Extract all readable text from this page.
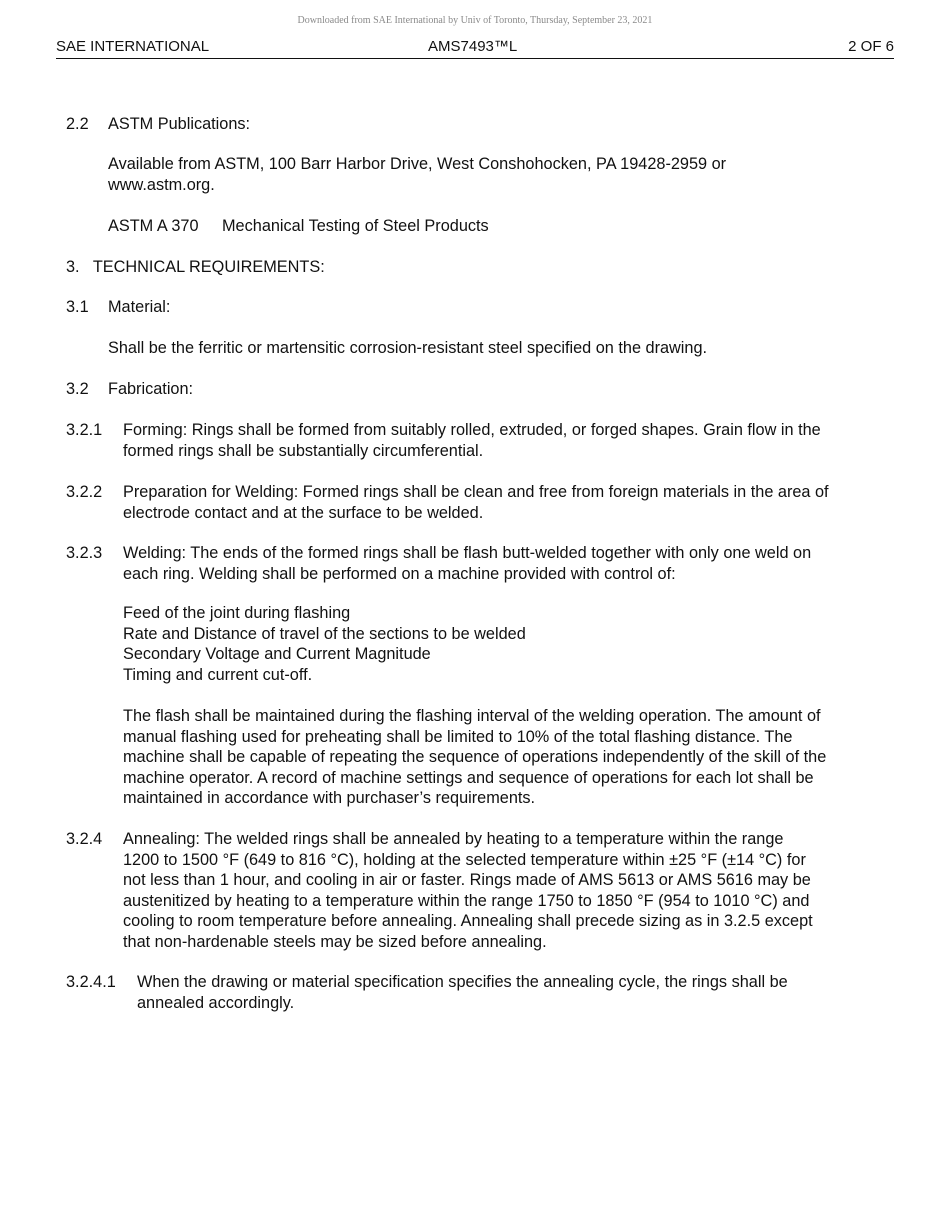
Downloaded from SAE International by Univ of Toronto, Thursday, September 23, 2021
SAE INTERNATIONAL	AMS7493™L	2 OF 6
2.2 ASTM Publications:
Available from ASTM, 100 Barr Harbor Drive, West Conshohocken, PA 19428-2959 or
www.astm.org.
ASTM A 370 Mechanical Testing of Steel Products
3.   TECHNICAL REQUIREMENTS:
3.1 Material:
Shall be the ferritic or martensitic corrosion-resistant steel specified on the drawing.
3.2 Fabrication:
3.2.1 Forming: Rings shall be formed from suitably rolled, extruded, or forged shapes. Grain flow in the
formed rings shall be substantially circumferential.
3.2.2 Preparation for Welding: Formed rings shall be clean and free from foreign materials in the area of
electrode contact and at the surface to be welded.
3.2.3 Welding: The ends of the formed rings shall be flash butt-welded together with only one weld on
each ring. Welding shall be performed on a machine provided with control of:
Feed of the joint during flashing
Rate and Distance of travel of the sections to be welded
Secondary Voltage and Current Magnitude
Timing and current cut-off.
The flash shall be maintained during the flashing interval of the welding operation. The amount of
manual flashing used for preheating shall be limited to 10% of the total flashing distance. The
machine shall be capable of repeating the sequence of operations independently of the skill of the
machine operator. A record of machine settings and sequence of operations for each lot shall be
maintained in accordance with purchaser’s requirements.
3.2.4 Annealing: The welded rings shall be annealed by heating to a temperature within the range
1200 to 1500 °F (649 to 816 °C), holding at the selected temperature within ±25 °F (±14 °C) for
not less than 1 hour, and cooling in air or faster. Rings made of AMS 5613 or AMS 5616 may be
austenitized by heating to a temperature within the range 1750 to 1850 °F (954 to 1010 °C) and
cooling to room temperature before annealing. Annealing shall precede sizing as in 3.2.5 except
that non-hardenable steels may be sized before annealing.
3.2.4.1 When the drawing or material specification specifies the annealing cycle, the rings shall be
annealed accordingly.
